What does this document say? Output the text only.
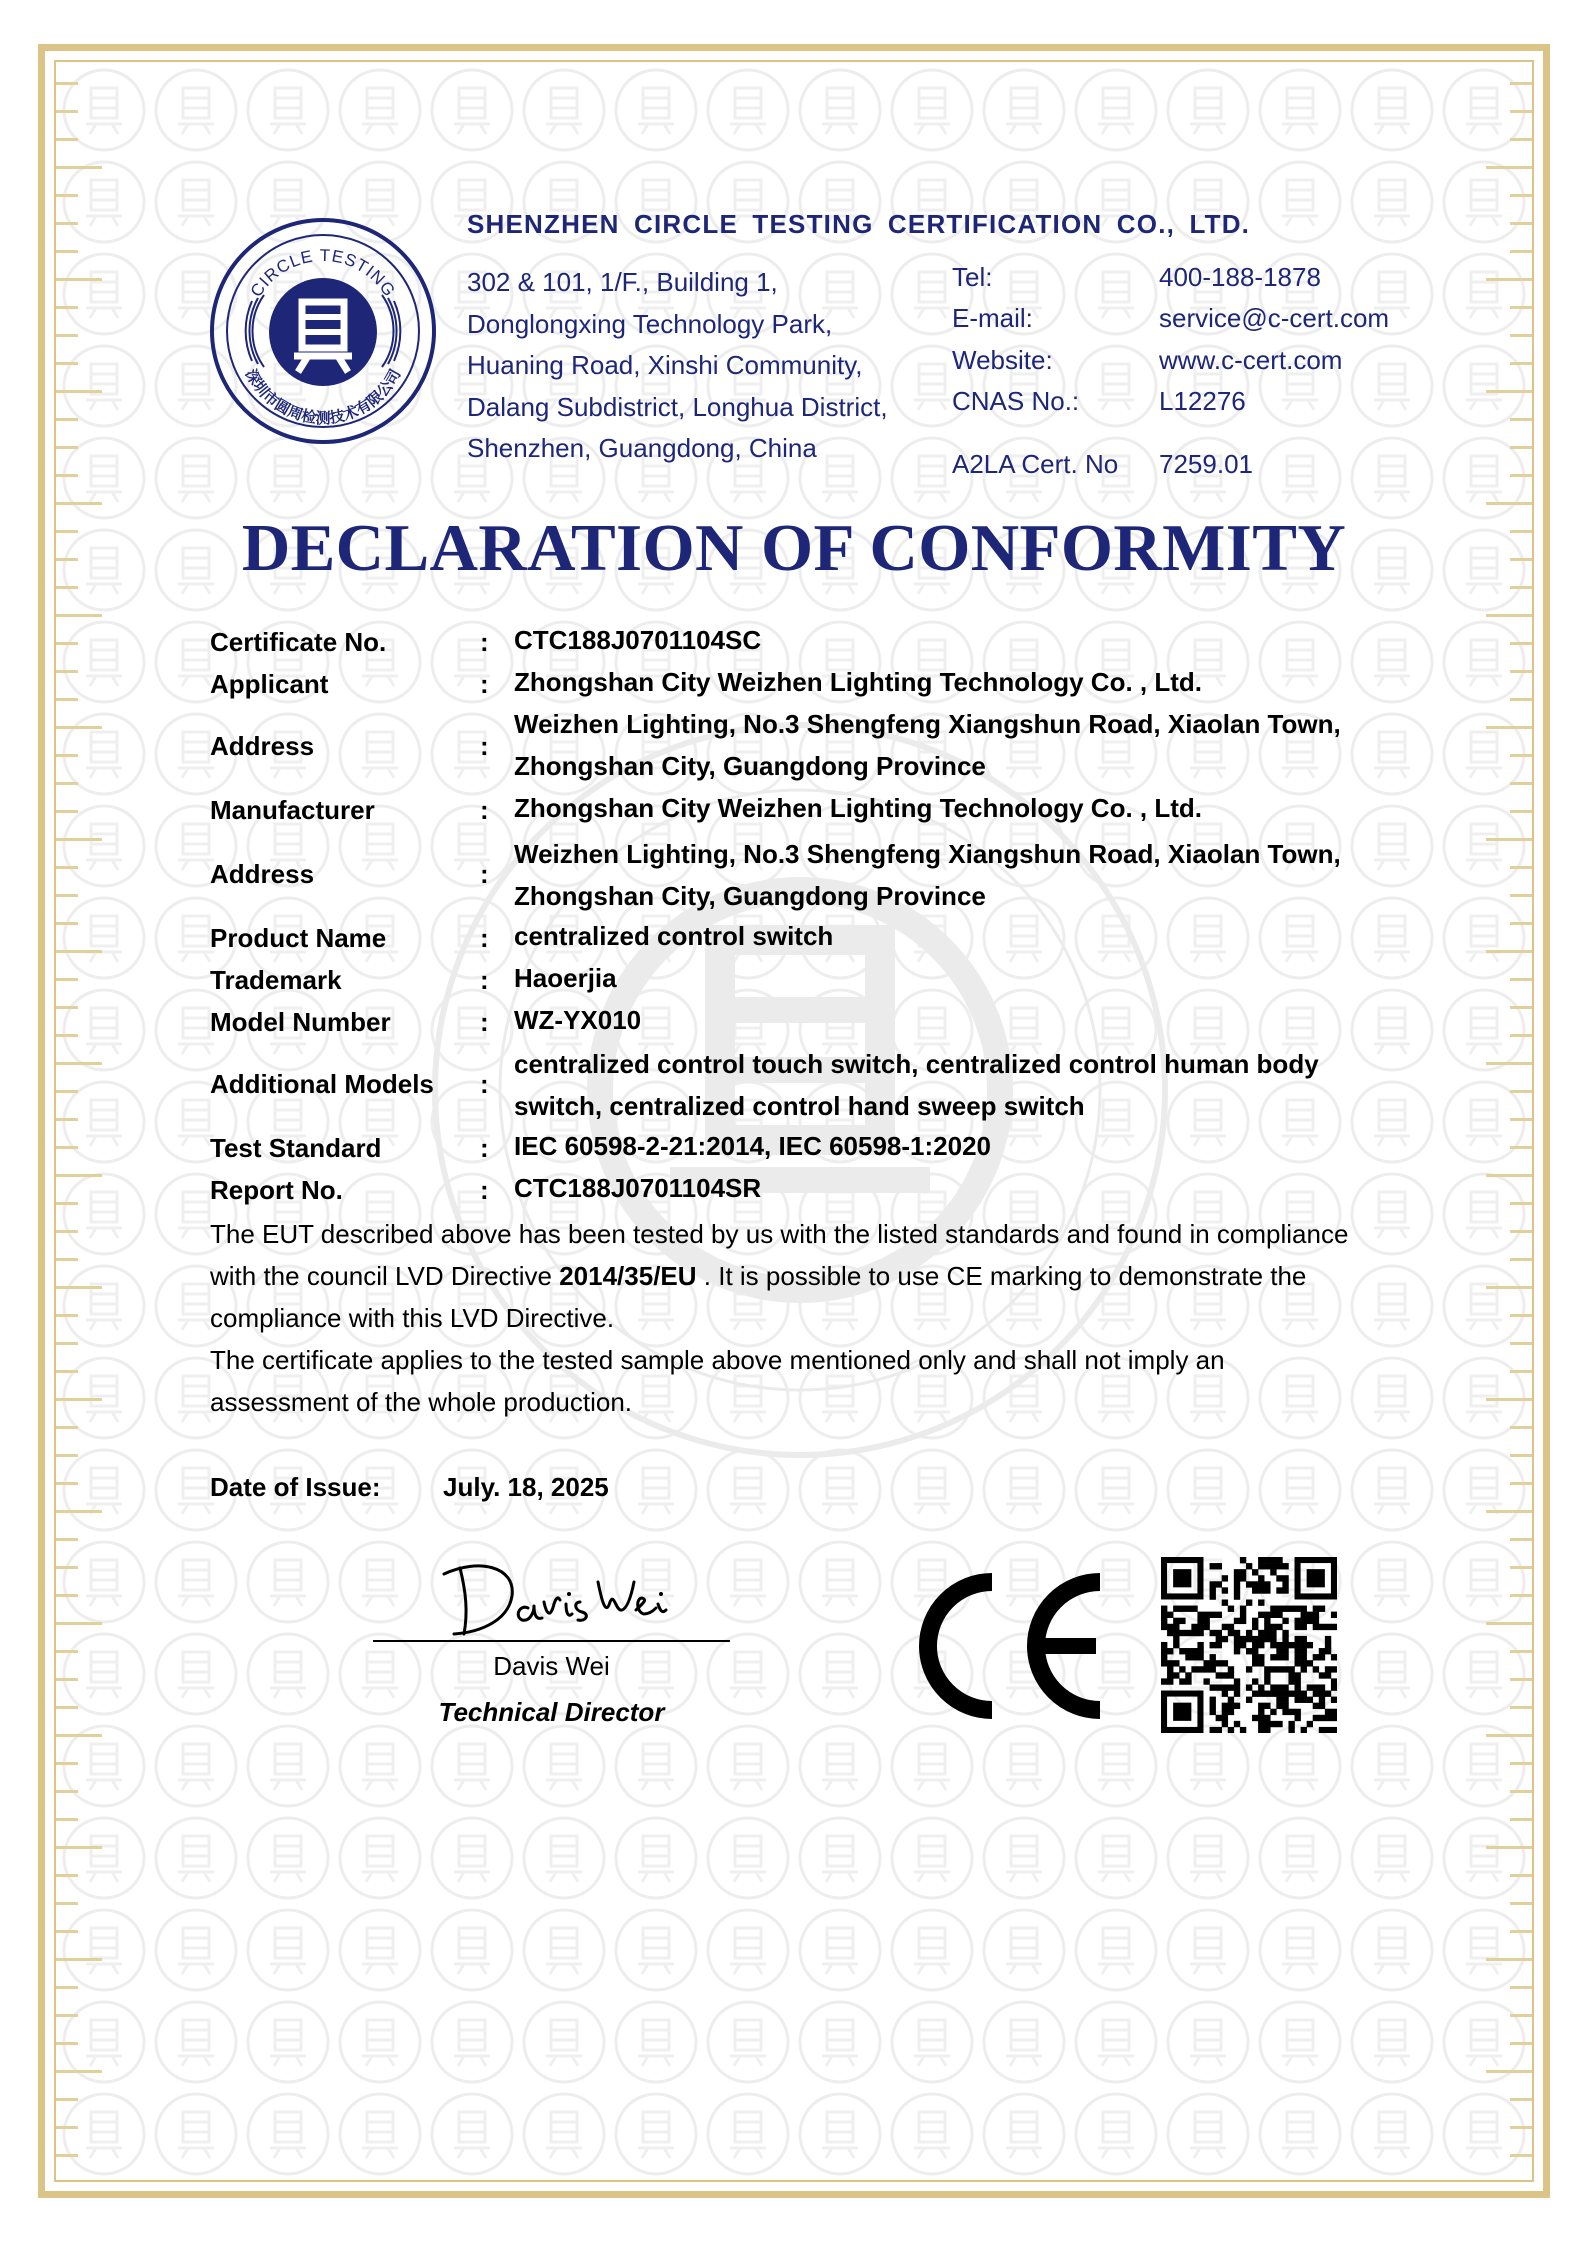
CIRCLE TESTING
深圳市圆周检测技术有限公司
SHENZHEN CIRCLE TESTING CERTIFICATION CO., LTD.
302 & 101, 1/F., Building 1,
Donglongxing Technology Park,
Huaning Road, Xinshi Community,
Dalang Subdistrict, Longhua District,
Shenzhen, Guangdong, China
Tel:	400-188-1878
E-mail:	service@c-cert.com
Website:	www.c-cert.com
CNAS No.:	L12276
A2LA Cert. No 7259.01
DECLARATION OF CONFORMITY
Certificate No.	: CTC188J0701104SC
Applicant	: Zhongshan City Weizhen Lighting Technology Co. , Ltd.
Address	:
Weizhen Lighting, No.3 Shengfeng Xiangshun Road, Xiaolan Town,
Zhongshan City, Guangdong Province
Manufacturer	: Zhongshan City Weizhen Lighting Technology Co. , Ltd.
Address	:
Weizhen Lighting, No.3 Shengfeng Xiangshun Road, Xiaolan Town,
Zhongshan City, Guangdong Province
Product Name	: centralized control switch
Trademark	: Haoerjia
Model Number	: WZ-YX010
Additional Models :
centralized control touch switch, centralized control human body
switch, centralized control hand sweep switch
Test Standard	: IEC 60598-2-21:2014, IEC 60598-1:2020
Report No.	: CTC188J0701104SR

The EUT described above has been tested by us with the listed standards and found in compliance

with the council LVD Directive 2014/35/EU . It is possible to use CE marking to demonstrate the

compliance with this LVD Directive.

The certificate applies to the tested sample above mentioned only and shall not imply an

assessment of the whole production.

Date of Issue: July. 18, 2025
Davis Wei
Technical Director
